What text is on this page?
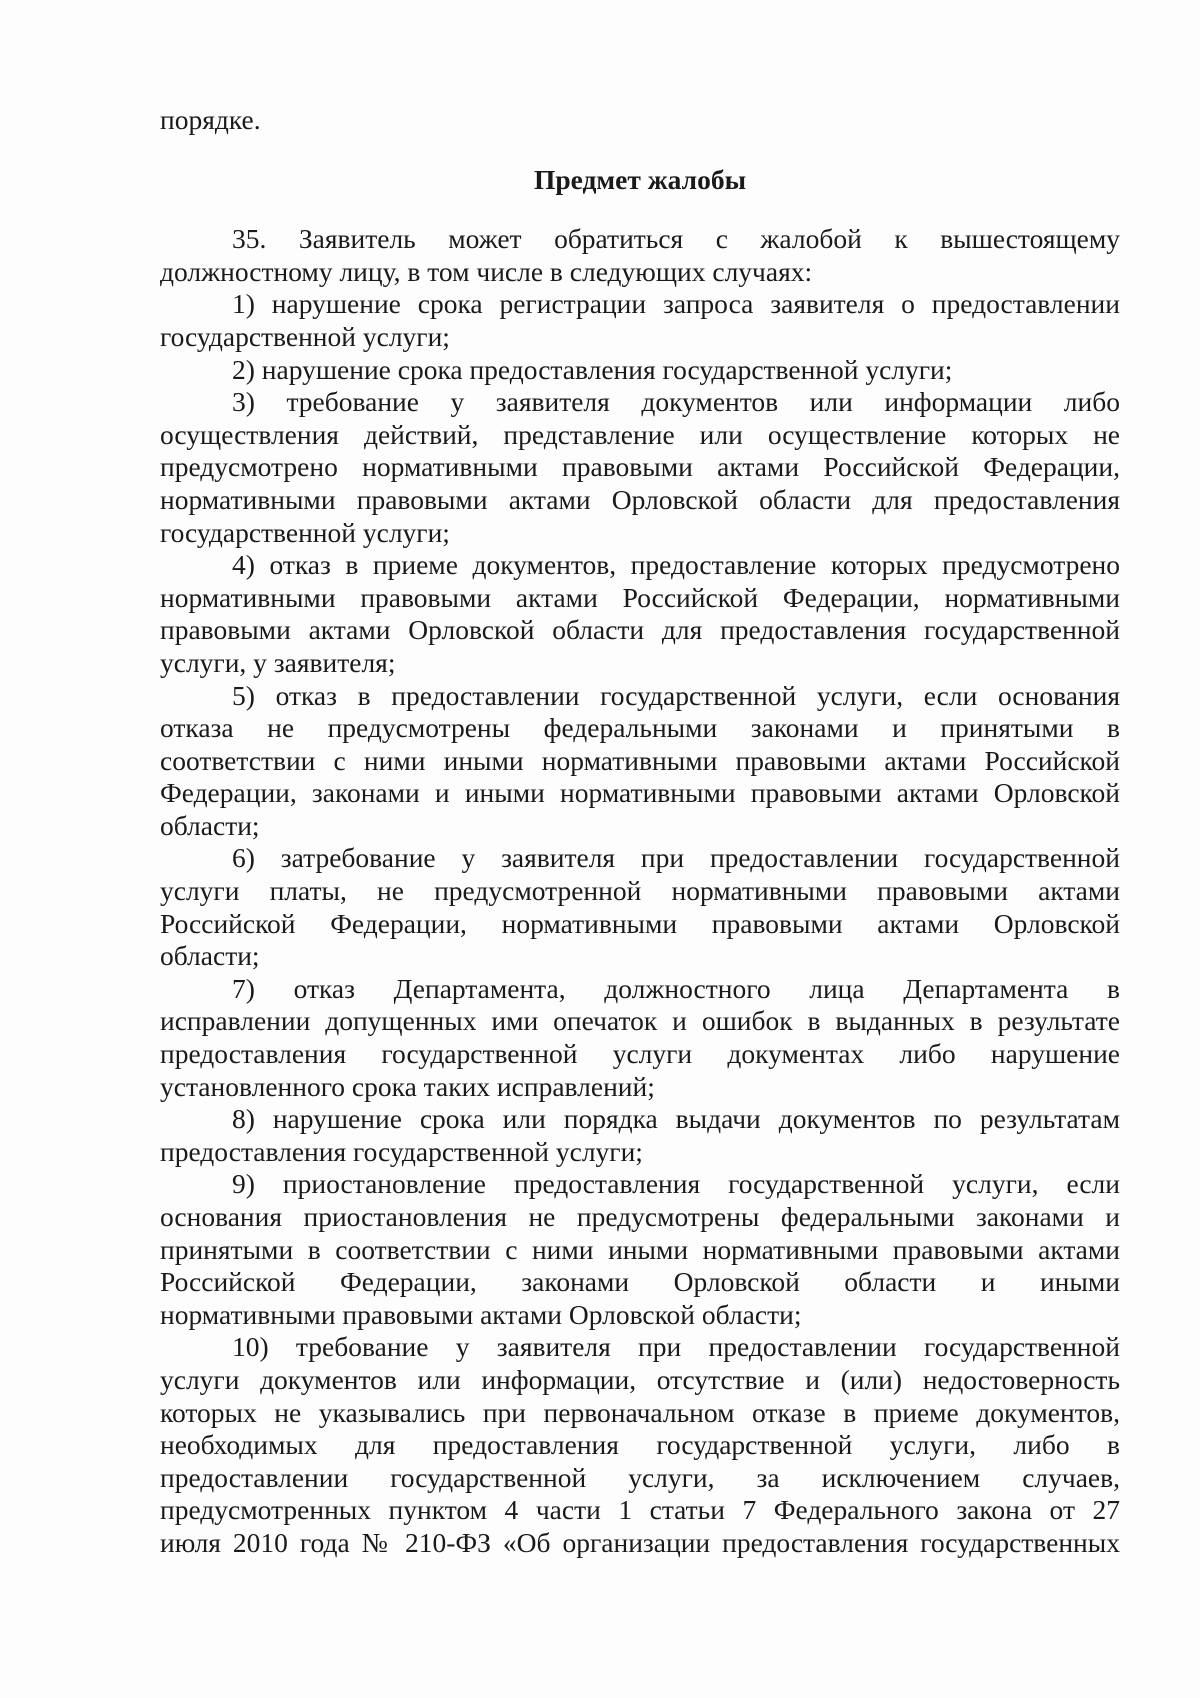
порядке.
Предмет жалобы
35. Заявитель может обратиться с жалобой к вышестоящему
должностному лицу, в том числе в следующих случаях:
1) нарушение срока регистрации запроса заявителя о предоставлении
государственной услуги;
2) нарушение срока предоставления государственной услуги;
3) требование у заявителя документов или информации либо
осуществления действий, представление или осуществление которых не
предусмотрено нормативными правовыми актами Российской Федерации,
нормативными правовыми актами Орловской области для предоставления
государственной услуги;
4) отказ в приеме документов, предоставление которых предусмотрено
нормативными правовыми актами Российской Федерации, нормативными
правовыми актами Орловской области для предоставления государственной
услуги, у заявителя;
5) отказ в предоставлении государственной услуги, если основания
отказа не предусмотрены федеральными законами и принятыми в
соответствии с ними иными нормативными правовыми актами Российской
Федерации, законами и иными нормативными правовыми актами Орловской
области;
6) затребование у заявителя при предоставлении государственной
услуги платы, не предусмотренной нормативными правовыми актами
Российской Федерации, нормативными правовыми актами Орловской
области;
7) отказ Департамента, должностного лица Департамента в
исправлении допущенных ими опечаток и ошибок в выданных в результате
предоставления государственной услуги документах либо нарушение
установленного срока таких исправлений;
8) нарушение срока или порядка выдачи документов по результатам
предоставления государственной услуги;
9) приостановление предоставления государственной услуги, если
основания приостановления не предусмотрены федеральными законами и
принятыми в соответствии с ними иными нормативными правовыми актами
Российской Федерации, законами Орловской области и иными
нормативными правовыми актами Орловской области;
10) требование у заявителя при предоставлении государственной
услуги документов или информации, отсутствие и (или) недостоверность
которых не указывались при первоначальном отказе в приеме документов,
необходимых для предоставления государственной услуги, либо в
предоставлении государственной услуги, за исключением случаев,
предусмотренных пунктом 4 части 1 статьи 7 Федерального закона от 27
июля 2010 года № 210-ФЗ «Об организации предоставления государственных
